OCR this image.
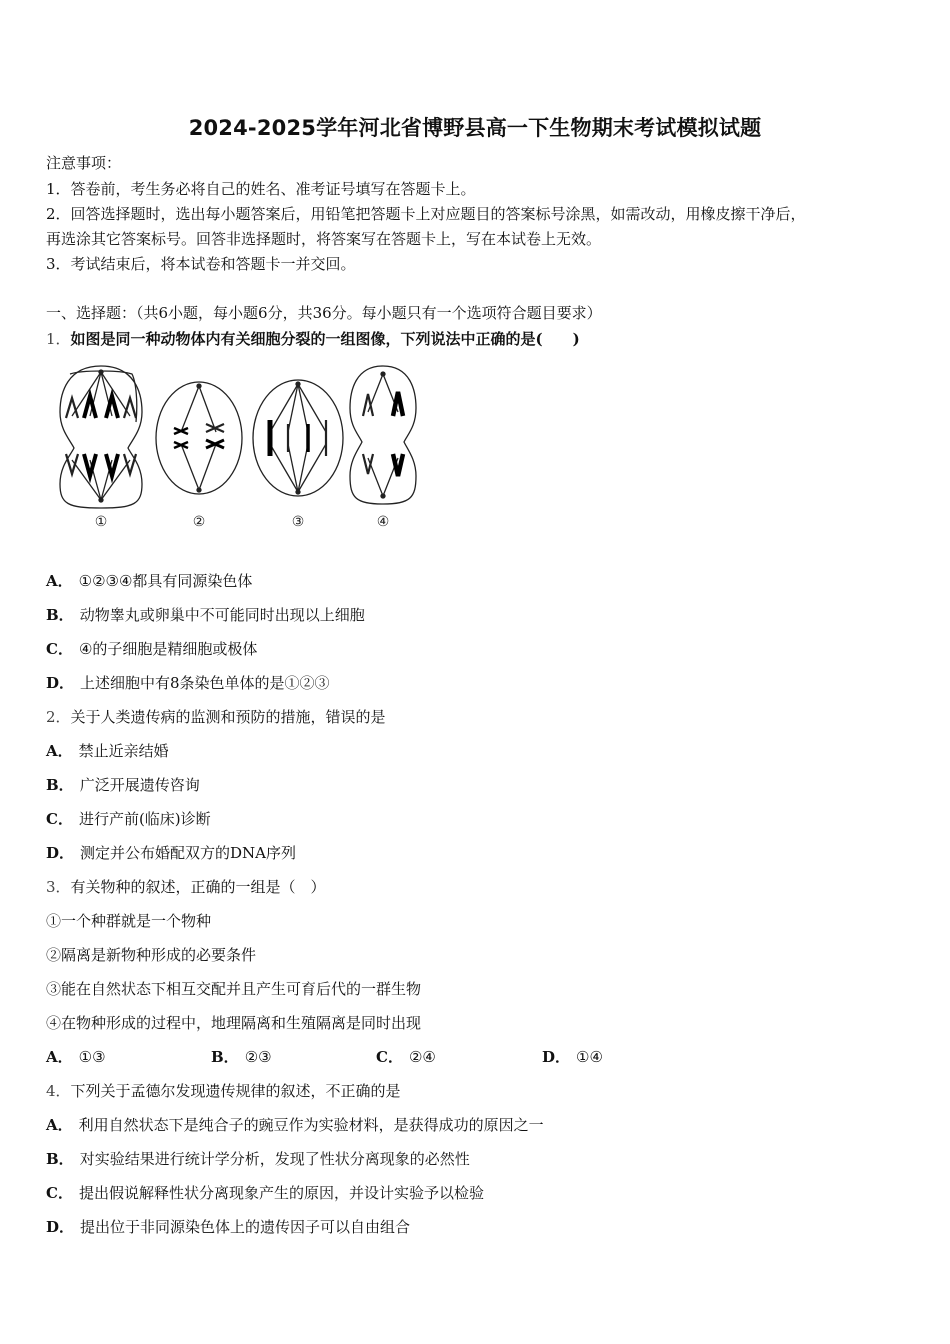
2024-2025学年河北省博野县高一下生物期末考试模拟试题
注意事项：
1．答卷前，考生务必将自己的姓名、准考证号填写在答题卡上。
2．回答选择题时，选出每小题答案后，用铅笔把答题卡上对应题目的答案标号涂黑，如需改动，用橡皮擦干净后，
再选涂其它答案标号。回答非选择题时，将答案写在答题卡上，写在本试卷上无效。
3．考试结束后，将本试卷和答题卡一并交回。
一、选择题：（共6小题，每小题6分，共36分。每小题只有一个选项符合题目要求）
1．如图是同一种动物体内有关细胞分裂的一组图像，下列说法中正确的是(　　)
①	②	③	④
A． ①②③④都具有同源染色体
B． 动物睾丸或卵巢中不可能同时出现以上细胞
C． ④的子细胞是精细胞或极体
D． 上述细胞中有8条染色单体的是①②③
2．关于人类遗传病的监测和预防的措施，错误的是
A． 禁止近亲结婚
B． 广泛开展遗传咨询
C． 进行产前(临床)诊断
D． 测定并公布婚配双方的DNA序列
3．有关物种的叙述，正确的一组是（　）
①一个种群就是一个物种
②隔离是新物种形成的必要条件
③能在自然状态下相互交配并且产生可育后代的一群生物
④在物种形成的过程中，地理隔离和生殖隔离是同时出现
A． ①③	B． ②③	C． ②④	D． ①④
4．下列关于孟德尔发现遗传规律的叙述，不正确的是
A． 利用自然状态下是纯合子的豌豆作为实验材料，是获得成功的原因之一
B． 对实验结果进行统计学分析，发现了性状分离现象的必然性
C． 提出假说解释性状分离现象产生的原因，并设计实验予以检验
D． 提出位于非同源染色体上的遗传因子可以自由组合
